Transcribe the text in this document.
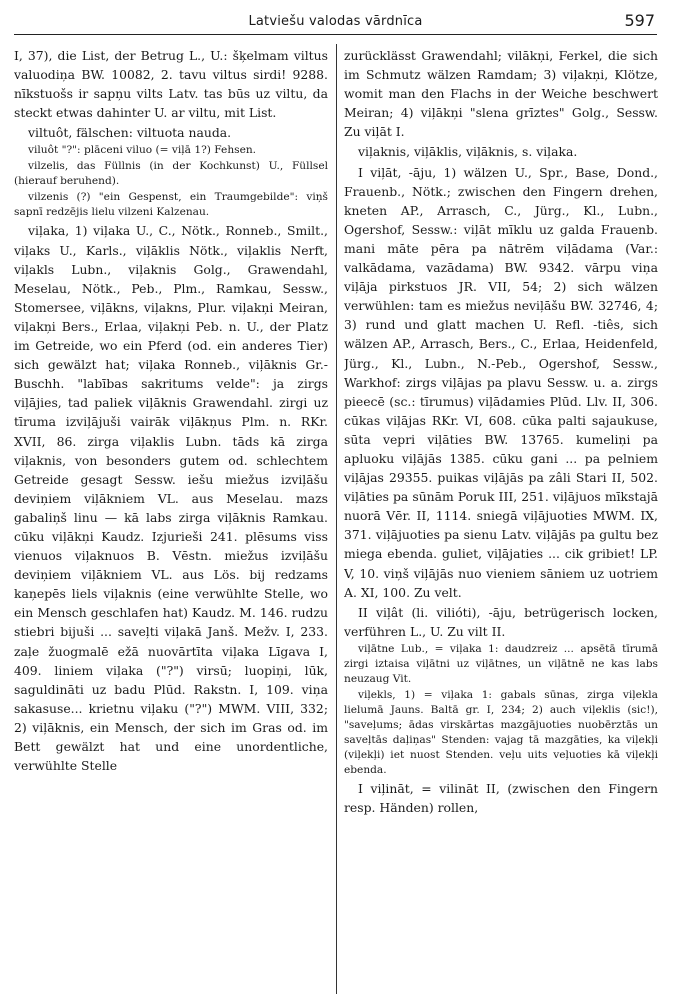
Latviešu valodas vārdnīca	597

I, 37), die List, der Betrug L., U.: šķelmam viltus valuodiņa BW. 10082, 2. tavu viltus sirdi! 9288. nīkstuošs ir sapņu vilts Latv. tas būs uz viltu, da steckt etwas dahinter U. ar viltu, mit List.

viltuôt, fälschen: viltuota nauda.

viluôt "?": plāceni viluo (= viļā 1?) Fehsen.

vilzelis, das Füllnis (in der Kochkunst) U., Füllsel (hierauf beruhend).

vilzenis (?) "ein Gespenst, ein Traumgebilde": viņš sapnī redzējis lielu vilzeni Kalzenau.

viļaka, 1) viļaka U., C., Nötk., Ronneb., Smilt., viļaks U., Karls., viļāklis Nötk., viļaklis Nerft, viļakls Lubn., viļaknis Golg., Grawendahl, Meselau, Nötk., Peb., Plm., Ramkau, Sessw., Stomersee, viļākns, viļakns, Plur. viļakņi Meiran, viļakņi Bers., Erlaa, viļakņi Peb. n. U., der Platz im Getreide, wo ein Pferd (od. ein anderes Tier) sich gewälzt hat; viļaka Ronneb., viļāknis Gr.-Buschh. "labības sakritums velde": ja zirgs viļājies, tad paliek viļāknis Grawendahl. zirgi uz tīruma izviļājuši vairāk viļākņus Plm. n. RKr. XVII, 86. zirga viļaklis Lubn. tāds kā zirga viļaknis, von besonders gutem od. schlechtem Getreide gesagt Sessw. iešu miežus izviļāšu deviņiem viļākniem VL. aus Meselau. mazs gabaliņš linu — kā labs zirga viļāknis Ramkau. cūku viļākņi Kaudz. Izjurieši 241. plēsums viss vienuos viļaknuos B. Vēstn. miežus izviļāšu deviņiem viļākniem VL. aus Lös. bij redzams kaņepēs liels viļaknis (eine verwühlte Stelle, wo ein Mensch geschlafen hat) Kaudz. M. 146. rudzu stiebri bijuši ... saveļti viļakā Janš. Mežv. I, 233. zaļe žuogmalē ežā nuovārtīta viļaka Līgava I, 409. liniem viļaka ("?") virsū; luopiņi, lūk, saguldināti uz badu Plūd. Rakstn. I, 109. viņa sakasuse... krietnu viļaku ("?") MWM. VIII, 332; 2) viļāknis, ein Mensch, der sich im Gras od. im Bett gewälzt hat und eine unordentliche, verwühlte Stelle

zurücklässt Grawendahl; vilākņi, Ferkel, die sich im Schmutz wälzen Ramdam; 3) viļakņi, Klötze, womit man den Flachs in der Weiche beschwert Meiran; 4) viļākņi "slena grīztes" Golg., Sessw. Zu viļāt I.

viļaknis, viļāklis, viļāknis, s. viļaka.

I viļāt, -āju, 1) wälzen U., Spr., Base, Dond., Frauenb., Nötk.; zwischen den Fingern drehen, kneten AP., Arrasch, C., Jürg., Kl., Lubn., Ogershof, Sessw.: viļāt mīklu uz galda Frauenb. mani māte pēra pa nātrēm viļādama (Var.: valkādama, vazādama) BW. 9342. vārpu viņa viļāja pirkstuos JR. VII, 54; 2) sich wälzen verwühlen: tam es miežus neviļāšu BW. 32746, 4; 3) rund und glatt machen U. Refl. -tiês, sich wälzen AP., Arrasch, Bers., C., Erlaa, Heidenfeld, Jürg., Kl., Lubn., N.-Peb., Ogershof, Sessw., Warkhof: zirgs viļājas pa plavu Sessw. u. a. zirgs pieecē (sc.: tīrumus) viļādamies Plūd. Llv. II, 306. cūkas viļājas RKr. VI, 608. cūka palti sajaukuse, sūta vepri viļāties BW. 13765. kumeliņi pa apluoku viļājās 1385. cūku gani ... pa pelniem viļājas 29355. puikas viļājās pa zâli Stari II, 502. viļāties pa sūnām Poruk III, 251. viļājuos mīkstajā nuorā Vēr. II, 1114. sniegā viļājuoties MWM. IX, 371. viļājuoties pa sienu Latv. viļājās pa gultu bez miega ebenda. guliet, viļājaties ... cik gribiet! LP. V, 10. viņš viļājās nuo vieniem sāniem uz uotriem A. XI, 100. Zu velt.

II viļât (li. vilióti), -āju, betrügerisch locken, verführen L., U. Zu vilt II.

viļātne Lub., = viļaka 1: daudzreiz ... apsētā tīrumā zirgi iztaisa viļātni uz viļātnes, un viļātnē ne kas labs neuzaug Vit.

viļekls, 1) = viļaka 1: gabals sūnas, zirga viļekla lielumā Jauns. Baltā gr. I, 234; 2) auch viļeklis (sic!), "saveļums; ādas virskārtas mazgājuoties nuobērztās un saveļtās daļiņas" Stenden: vajag tā mazgāties, ka viļekļi (viļekļi) iet nuost Stenden. veļu uits veļuoties kā viļekļi ebenda.

I viļināt, = vilināt II, (zwischen den Fingern resp. Händen) rollen,
